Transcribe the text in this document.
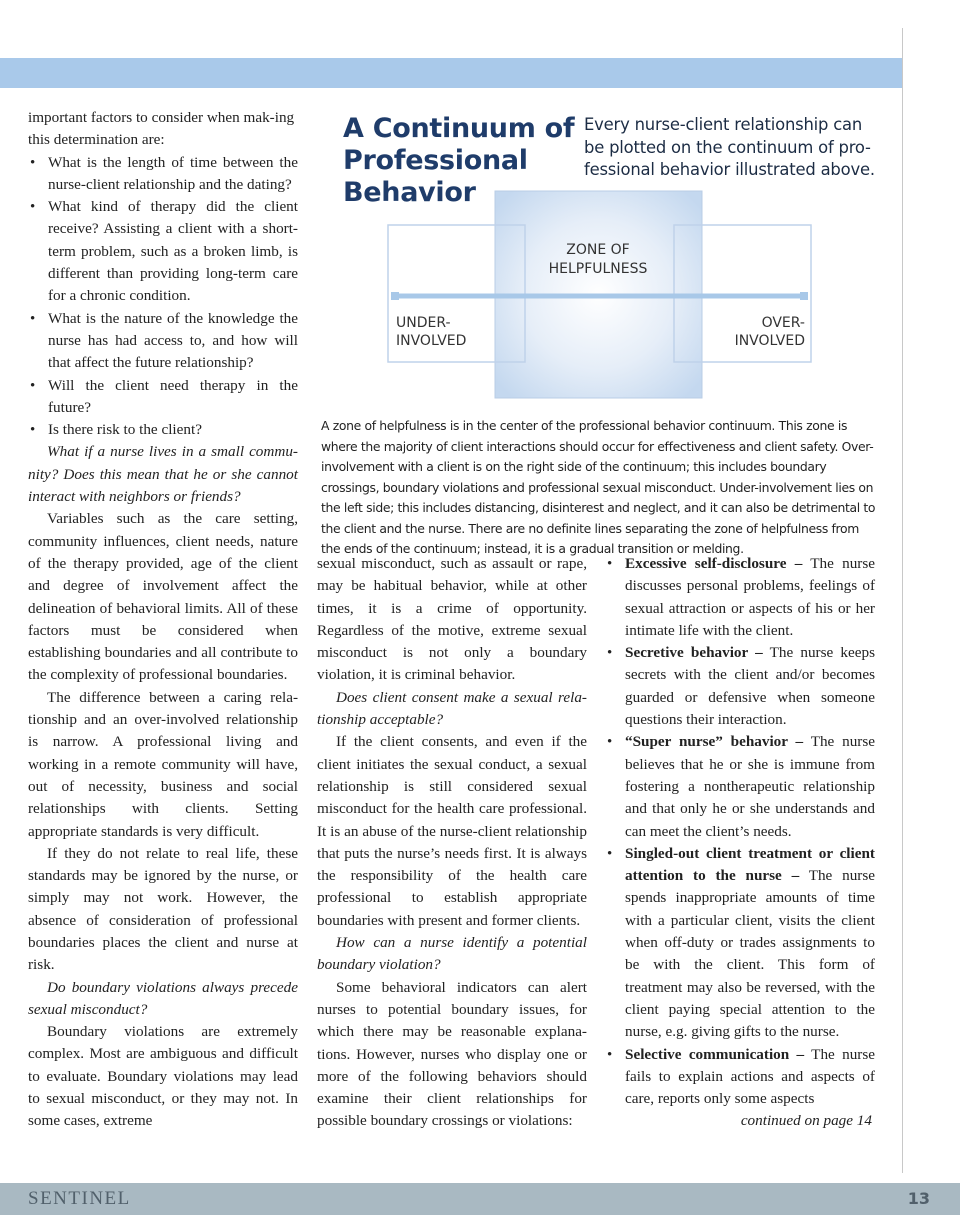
important factors to consider when mak-ing this determination are:

• What is the length of time between the nurse-client relationship and the dating?
• What kind of therapy did the client receive? Assisting a client with a short-term problem, such as a broken limb, is different than providing long-term care for a chronic condition.
• What is the nature of the knowledge the nurse has had access to, and how will that affect the future relationship?
• Will the client need therapy in the future?
• Is there risk to the client?

What if a nurse lives in a small commu-nity? Does this mean that he or she cannot interact with neighbors or friends?

Variables such as the care setting, community influences, client needs, nature of the therapy provided, age of the client and degree of involvement affect the delineation of behavioral limits. All of these factors must be considered when establishing boundaries and all contribute to the complexity of professional boundaries.

The difference between a caring rela-tionship and an over-involved relationship is narrow. A professional living and working in a remote community will have, out of necessity, business and social relationships with clients. Setting appropriate standards is very difficult.

If they do not relate to real life, these standards may be ignored by the nurse, or simply may not work. However, the absence of consideration of professional boundaries places the client and nurse at risk.

Do boundary violations always precede sexual misconduct?

Boundary violations are extremely complex. Most are ambiguous and difficult to evaluate. Boundary violations may lead to sexual misconduct, or they may not. In some cases, extreme

A Continuum of Professional Behavior
Every nurse-client relationship can be plotted on the continuum of pro-fessional behavior illustrated above.
ZONE OF
HELPFULNESS
UNDER-
INVOLVED
OVER-
INVOLVED
A zone of helpfulness is in the center of the professional behavior continuum. This zone is where the majority of client interactions should occur for effectiveness and client safety. Over-involvement with a client is on the right side of the continuum; this includes boundary crossings, boundary violations and professional sexual misconduct. Under-involvement lies on the left side; this includes distancing, disinterest and neglect, and it can also be detrimental to the client and the nurse. There are no definite lines separating the zone of helpfulness from the ends of the continuum; instead, it is a gradual transition or melding.

sexual misconduct, such as assault or rape, may be habitual behavior, while at other times, it is a crime of opportunity. Regardless of the motive, extreme sexual misconduct is not only a boundary violation, it is criminal behavior.

Does client consent make a sexual rela-tionship acceptable?

If the client consents, and even if the client initiates the sexual conduct, a sexual relationship is still considered sexual misconduct for the health care professional. It is an abuse of the nurse-client relationship that puts the nurse’s needs first. It is always the responsibility of the health care professional to establish appropriate boundaries with present and former clients.

How can a nurse identify a potential boundary violation?

Some behavioral indicators can alert nurses to potential boundary issues, for which there may be reasonable explana-tions. However, nurses who display one or more of the following behaviors should examine their client relationships for possible boundary crossings or violations:

• Excessive self-disclosure – The nurse discusses personal problems, feelings of sexual attraction or aspects of his or her intimate life with the client.
• Secretive behavior – The nurse keeps secrets with the client and/or becomes guarded or defensive when someone questions their interaction.
• “Super nurse” behavior – The nurse believes that he or she is immune from fostering a nontherapeutic relationship and that only he or she understands and can meet the client’s needs.
• Singled-out client treatment or client attention to the nurse – The nurse spends inappropriate amounts of time with a particular client, visits the client when off-duty or trades assignments to be with the client. This form of treatment may also be reversed, with the client paying special attention to the nurse, e.g. giving gifts to the nurse.
• Selective communication – The nurse fails to explain actions and aspects of care, reports only some aspects

continued on page 14

SENTINEL	13
